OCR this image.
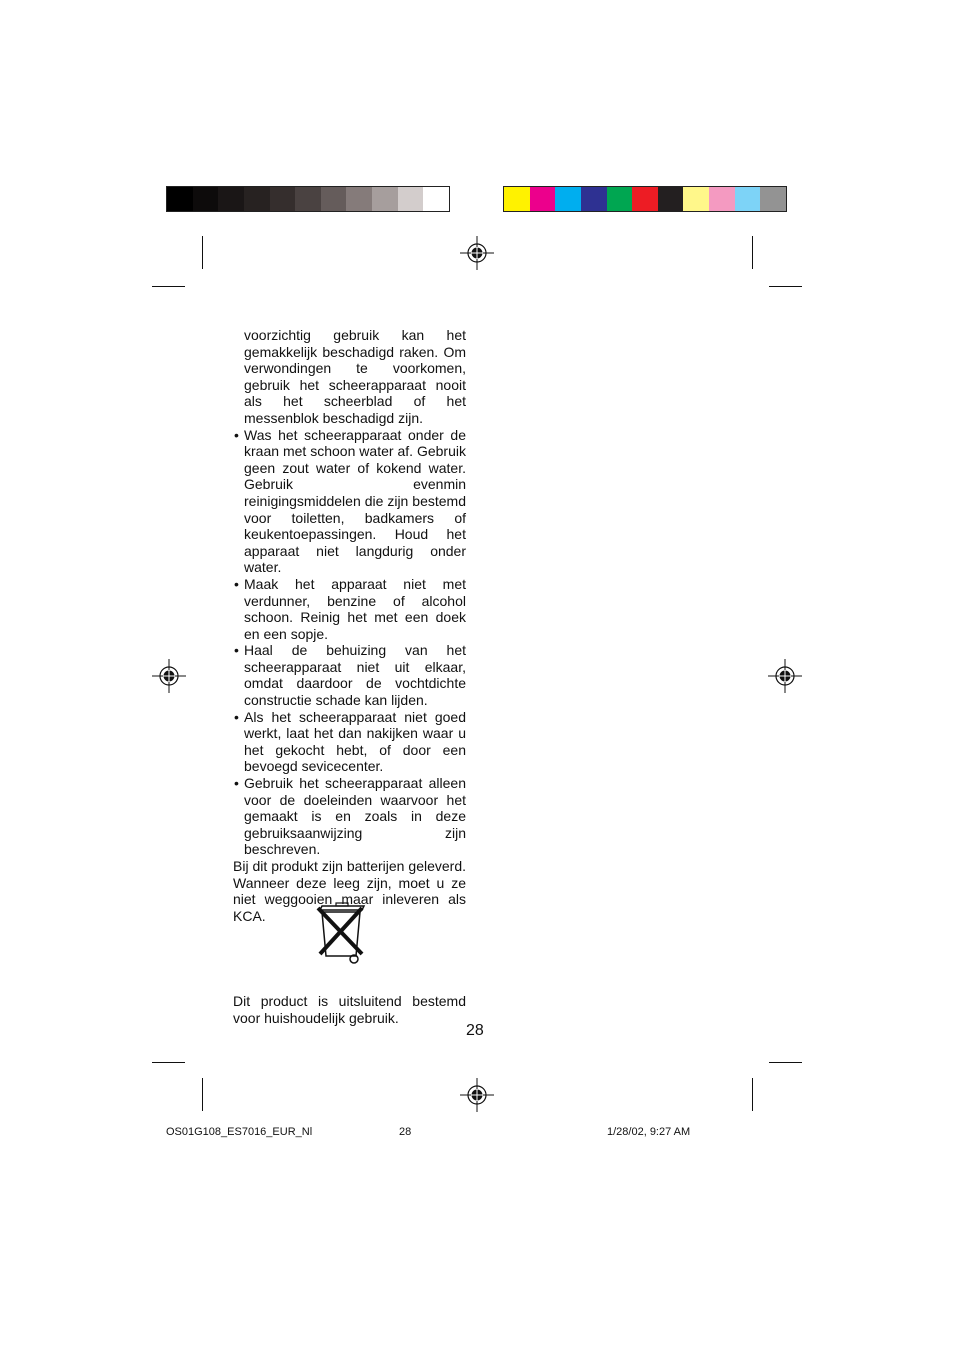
voorzichtig gebruik kan het gemakkelijk beschadigd raken. Om verwondingen te voorkomen, gebruik het scheerapparaat nooit als het scheerblad of het messenblok beschadigd zijn.

• Was het scheerapparaat onder de kraan met schoon water af. Gebruik geen zout water of kokend water. Gebruik evenmin reinigingsmiddelen die zijn bestemd voor toiletten, badkamers of keukentoepassingen. Houd het apparaat niet langdurig onder water.
• Maak het apparaat niet met verdunner, benzine of alcohol schoon. Reinig het met een doek en een sopje.
• Haal de behuizing van het scheerapparaat niet uit elkaar, omdat daardoor de vochtdichte constructie schade kan lijden.
• Als het scheerapparaat niet goed werkt, laat het dan nakijken waar u het gekocht hebt, of door een bevoegd sevicecenter.
• Gebruik het scheerapparaat alleen voor de doeleinden waarvoor het gemaakt is en zoals in deze gebruiksaanwijzing zijn beschreven.

Bij dit produkt zijn batterijen geleverd. Wanneer deze leeg zijn, moet u ze niet weggooien maar inleveren als KCA.

Dit product is uitsluitend bestemd voor huishoudelijk gebruik.

28
OS01G108_ES7016_EUR_Nl	28	1/28/02, 9:27 AM
